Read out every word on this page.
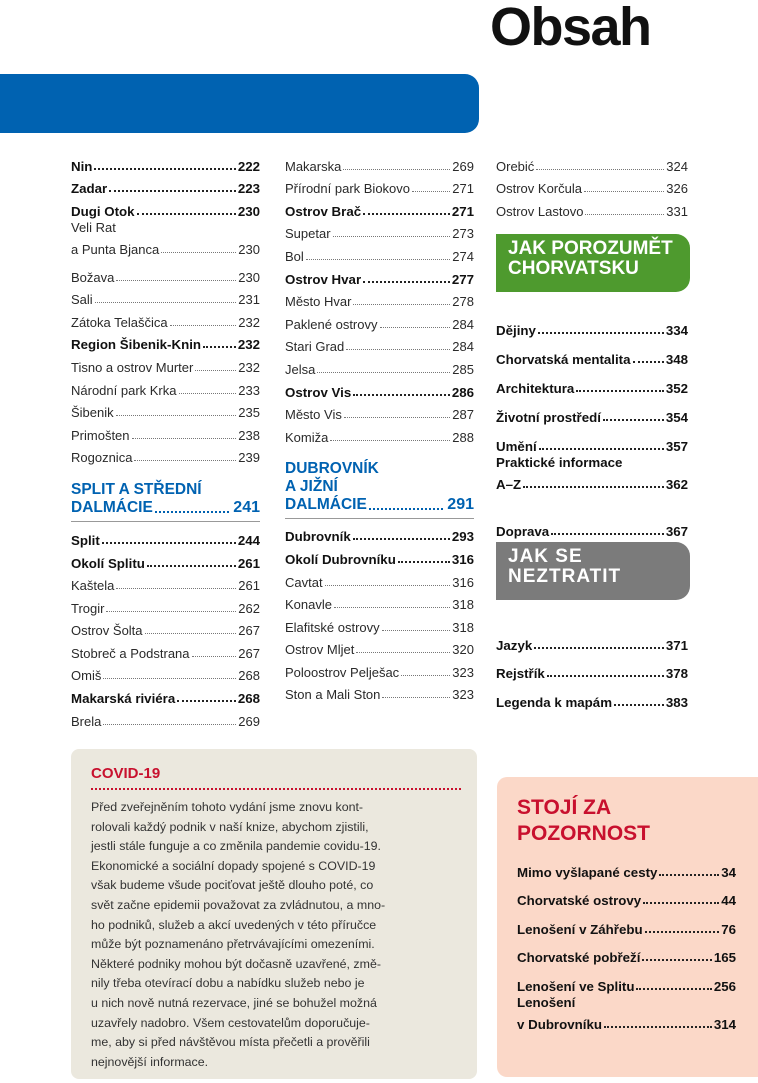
Obsah
Nin	222
Zadar	223
Dugi Otok	230
Veli Rat
a Punta Bjanca	230
Božava	230
Sali	231
Zátoka Telaščica	232
Region Šibenik-Knin	232
Tisno a ostrov Murter	232
Národní park Krka	233
Šibenik	235
Primošten	238
Rogoznica	239
SPLIT A STŘEDNÍ
DALMÁCIE	241
Split	244
Okolí Splitu	261
Kaštela	261
Trogir	262
Ostrov Šolta	267
Stobreč a Podstrana	267
Omiš	268
Makarská riviéra	268
Brela	269
Makarska	269
Přírodní park Biokovo	271
Ostrov Brač	271
Supetar	273
Bol	274
Ostrov Hvar	277
Město Hvar	278
Paklené ostrovy	284
Stari Grad	284
Jelsa	285
Ostrov Vis	286
Město Vis	287
Komiža	288
DUBROVNÍK
A JIŽNÍ
DALMÁCIE	291
Dubrovník	293
Okolí Dubrovníku	316
Cavtat	316
Konavle	318
Elafitské ostrovy	318
Ostrov Mljet	320
Poloostrov Pelješac	323
Ston a Mali Ston	323
Orebić	324
Ostrov Korčula	326
Ostrov Lastovo	331
JAK POROZUMĚT
CHORVATSKU
Dějiny	334
Chorvatská mentalita	348
Architektura	352
Životní prostředí	354
Umění	357
Praktické informace
A–Z	362
Doprava	367
JAK SE
NEZTRATIT
Jazyk	371
Rejstřík	378
Legenda k mapám	383
COVID-19
Před zveřejněním tohoto vydání jsme znovu kont-
rolovali každý podnik v naší knize, abychom zjistili,
jestli stále funguje a co změnila pandemie covidu-19.
Ekonomické a sociální dopady spojené s COVID-19
však budeme všude pociťovat ještě dlouho poté, co
svět začne epidemii považovat za zvládnutou, a mno-
ho podniků, služeb a akcí uvedených v této příručce
může být poznamenáno přetrvávajícími omezeními.
Některé podniky mohou být dočasně uzavřené, změ-
nily třeba otevírací dobu a nabídku služeb nebo je
u nich nově nutná rezervace, jiné se bohužel možná
uzavřely nadobro. Všem cestovatelům doporučuje-
me, aby si před návštěvou místa přečetli a prověřili
nejnovější informace.
STOJÍ ZA
POZORNOST
Mimo vyšlapané cesty	34
Chorvatské ostrovy	44
Lenošení v Záhřebu	76
Chorvatské pobřeží	165
Lenošení ve Splitu	256
Lenošení
v Dubrovníku	314
